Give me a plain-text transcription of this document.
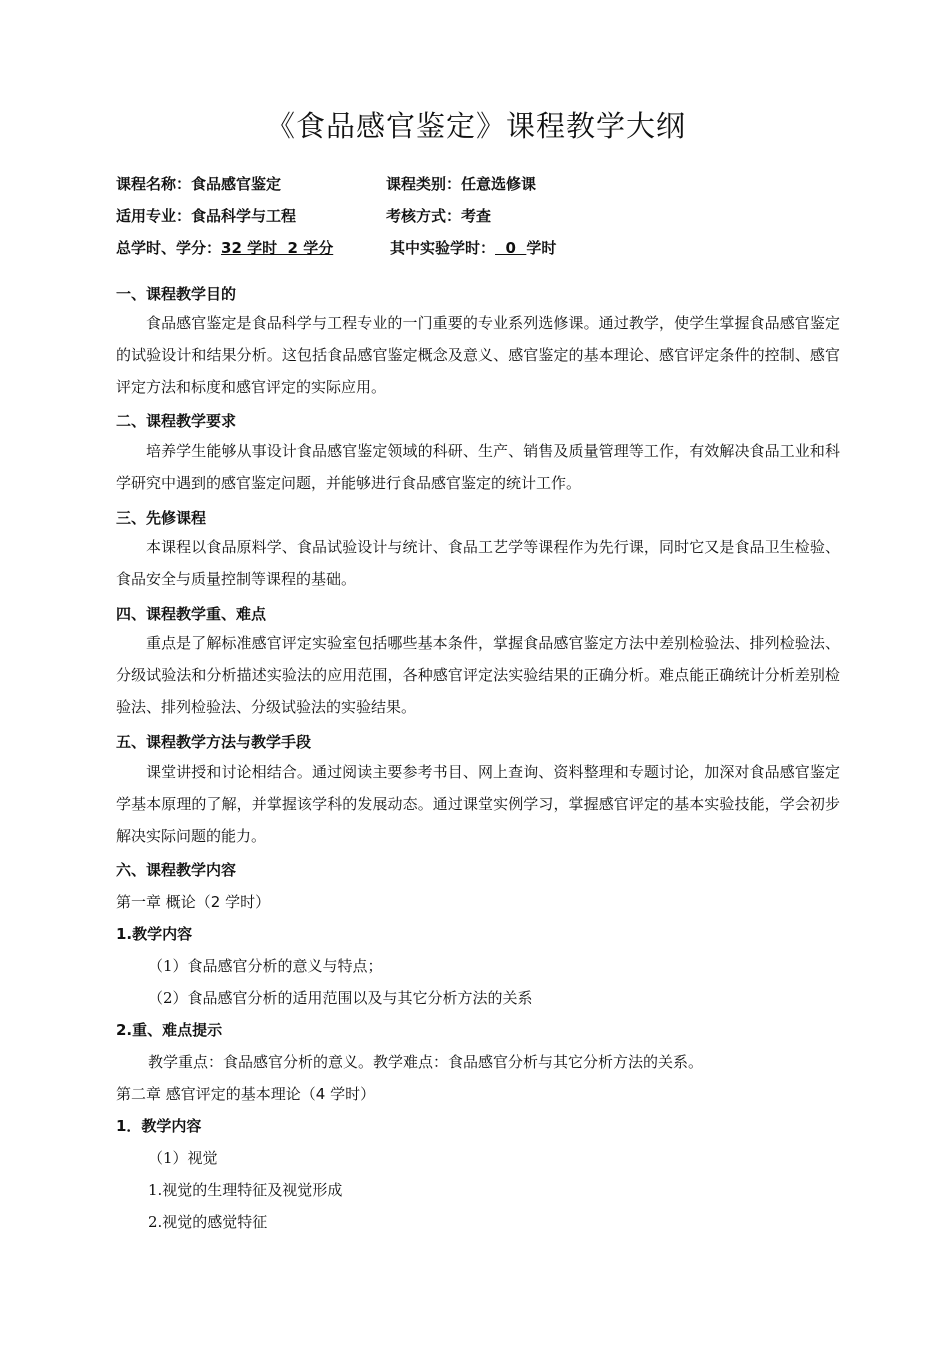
《食品感官鉴定》课程教学大纲
课程名称：食品感官鉴定	课程类别：任意选修课
适用专业：食品科学与工程	考核方式：考查
总学时、学分：32 学时  2 学分	其中实验学时：  0  学时
一、课程教学目的

食品感官鉴定是食品科学与工程专业的一门重要的专业系列选修课。通过教学，使学生掌握食品感官鉴定的试验设计和结果分析。这包括食品感官鉴定概念及意义、感官鉴定的基本理论、感官评定条件的控制、感官评定方法和标度和感官评定的实际应用。

二、课程教学要求

培养学生能够从事设计食品感官鉴定领域的科研、生产、销售及质量管理等工作，有效解决食品工业和科学研究中遇到的感官鉴定问题，并能够进行食品感官鉴定的统计工作。

三、先修课程

本课程以食品原料学、食品试验设计与统计、食品工艺学等课程作为先行课，同时它又是食品卫生检验、食品安全与质量控制等课程的基础。

四、课程教学重、难点

重点是了解标准感官评定实验室包括哪些基本条件，掌握食品感官鉴定方法中差别检验法、排列检验法、分级试验法和分析描述实验法的应用范围，各种感官评定法实验结果的正确分析。难点能正确统计分析差别检验法、排列检验法、分级试验法的实验结果。

五、课程教学方法与教学手段

课堂讲授和讨论相结合。通过阅读主要参考书目、网上查询、资料整理和专题讨论，加深对食品感官鉴定学基本原理的了解，并掌握该学科的发展动态。通过课堂实例学习，掌握感官评定的基本实验技能，学会初步解决实际问题的能力。

六、课程教学内容
第一章 概论（2 学时）
1.教学内容
（1）食品感官分析的意义与特点；
（2）食品感官分析的适用范围以及与其它分析方法的关系
2.重、难点提示
教学重点：食品感官分析的意义。教学难点：食品感官分析与其它分析方法的关系。
第二章 感官评定的基本理论（4 学时）
1．教学内容
（1）视觉
1.视觉的生理特征及视觉形成
2.视觉的感觉特征
